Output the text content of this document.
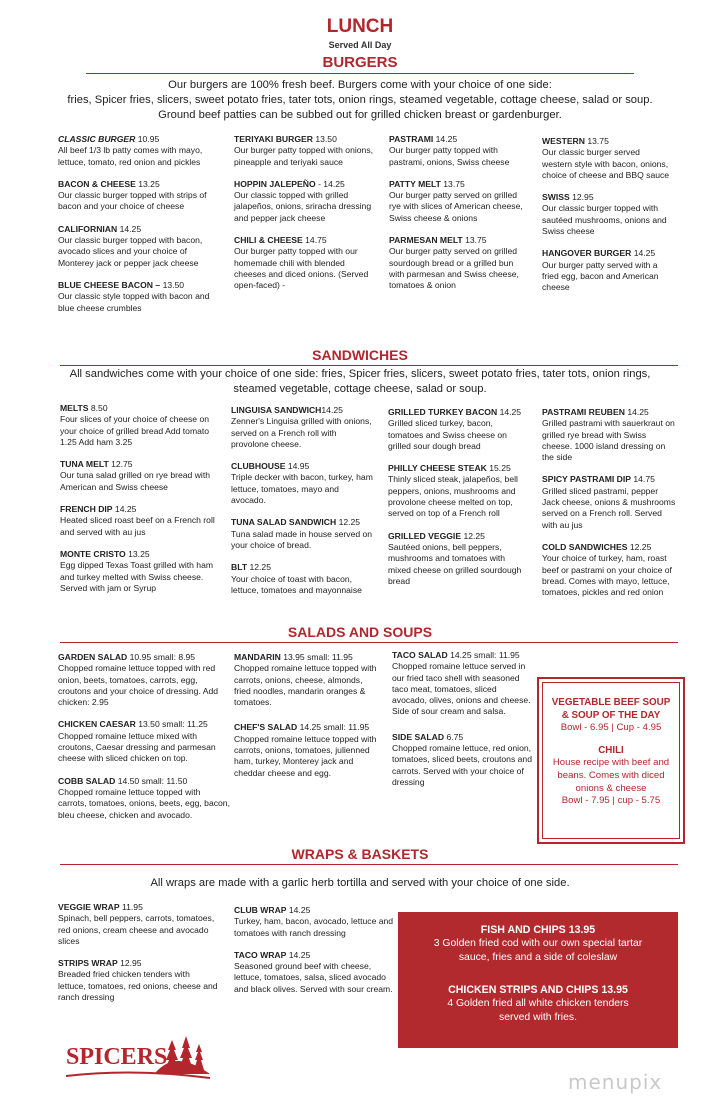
LUNCH
Served All Day
BURGERS
Our burgers are 100% fresh beef. Burgers come with your choice of one side:
fries, Spicer fries, slicers, sweet potato fries, tater tots, onion rings, steamed vegetable, cottage cheese, salad or soup.
Ground beef patties can be subbed out for grilled chicken breast or gardenburger.
CLASSIC BURGER 10.95
All beef 1/3 lb patty comes with mayo, lettuce, tomato, red onion and pickles
BACON & CHEESE 13.25
Our classic burger topped with strips of bacon and your choice of cheese
CALIFORNIAN 14.25
Our classic burger topped with bacon, avocado slices and your choice of Monterey jack or pepper jack cheese
BLUE CHEESE BACON – 13.50
Our classic style topped with bacon and blue cheese crumbles
TERIYAKI BURGER 13.50
Our burger patty topped with onions, pineapple and teriyaki sauce
HOPPIN JALEPEÑO - 14.25
Our classic topped with grilled jalapeños, onions, sriracha dressing and pepper jack cheese
CHILI & CHEESE 14.75
Our burger patty topped with our homemade chili with blended cheeses and diced onions. (Served open-faced) -
PASTRAMI 14.25
Our burger patty topped with pastrami, onions, Swiss cheese
PATTY MELT 13.75
Our burger patty served on grilled rye with slices of American cheese, Swiss cheese & onions
PARMESAN MELT 13.75
Our burger patty served on grilled sourdough bread or a grilled bun with parmesan and Swiss cheese, tomatoes & onion
WESTERN 13.75
Our classic burger served western style with bacon, onions, choice of cheese and BBQ sauce
SWISS 12.95
Our classic burger topped with sautéed mushrooms, onions and Swiss cheese
HANGOVER BURGER 14.25
Our burger patty served with a fried egg, bacon and American cheese
SANDWICHES
All sandwiches come with your choice of one side: fries, Spicer fries, slicers, sweet potato fries, tater tots, onion rings,
steamed vegetable, cottage cheese, salad or soup.
MELTS 8.50
Four slices of your choice of cheese on your choice of grilled bread Add tomato 1.25 Add ham 3.25
TUNA MELT 12.75
Our tuna salad grilled on rye bread with American and Swiss cheese
FRENCH DIP 14.25
Heated sliced roast beef on a French roll and served with au jus
MONTE CRISTO 13.25
Egg dipped Texas Toast grilled with ham and turkey melted with Swiss cheese. Served with jam or Syrup
LINGUISA SANDWICH14.25
Zenner's Linguisa grilled with onions, served on a French roll with provolone cheese.
CLUBHOUSE 14.95
Triple decker with bacon, turkey, ham lettuce, tomatoes, mayo and avocado.
TUNA SALAD SANDWICH 12.25
Tuna salad made in house served on your choice of bread.
BLT 12.25
Your choice of toast with bacon, lettuce, tomatoes and mayonnaise
GRILLED TURKEY BACON 14.25
Grilled sliced turkey, bacon, tomatoes and Swiss cheese on grilled sour dough bread
PHILLY CHEESE STEAK 15.25
Thinly sliced steak, jalapeños, bell peppers, onions, mushrooms and provolone cheese melted on top, served on top of a French roll
GRILLED VEGGIE 12.25
Sautéed onions, bell peppers, mushrooms and tomatoes with mixed cheese on grilled sourdough bread
PASTRAMI REUBEN 14.25
Grilled pastrami with sauerkraut on grilled rye bread with Swiss cheese. 1000 island dressing on the side
SPICY PASTRAMI DIP 14.75
Grilled sliced pastrami, pepper Jack cheese, onions & mushrooms served on a French roll. Served with au jus
COLD SANDWICHES 12.25
Your choice of turkey, ham, roast beef or pastrami on your choice of bread. Comes with mayo, lettuce, tomatoes, pickles and red onion
SALADS AND SOUPS
GARDEN SALAD 10.95 small: 8.95
Chopped romaine lettuce topped with red onion, beets, tomatoes, carrots, egg, croutons and your choice of dressing. Add chicken: 2.95
CHICKEN CAESAR 13.50 small: 11.25
Chopped romaine lettuce mixed with croutons, Caesar dressing and parmesan cheese with sliced chicken on top.
COBB SALAD 14.50 small: 11.50
Chopped romaine lettuce topped with carrots, tomatoes, onions, beets, egg, bacon, bleu cheese, chicken and avocado.
MANDARIN 13.95 small: 11.95
Chopped romaine lettuce topped with carrots, onions, cheese, almonds, fried noodles, mandarin oranges & tomatoes.
CHEF'S SALAD 14.25 small: 11.95
Chopped romaine lettuce topped with carrots, onions, tomatoes, julienned ham, turkey, Monterey jack and cheddar cheese and egg.
TACO SALAD 14.25 small: 11.95
Chopped romaine lettuce served in our fried taco shell with seasoned taco meat, tomatoes, sliced avocado, olives, onions and cheese. Side of sour cream and salsa.
SIDE SALAD 6.75
Chopped romaine lettuce, red onion, tomatoes, sliced beets, croutons and carrots. Served with your choice of dressing
VEGETABLE BEEF SOUP & SOUP OF THE DAY
Bowl - 6.95 | Cup - 4.95
CHILI
House recipe with beef and beans. Comes with diced onions & cheese
Bowl - 7.95 | cup - 5.75
WRAPS & BASKETS
All wraps are made with a garlic herb tortilla and served with your choice of one side.
VEGGIE WRAP 11.95
Spinach, bell peppers, carrots, tomatoes, red onions, cream cheese and avocado slices
STRIPS WRAP 12.95
Breaded fried chicken tenders with lettuce, tomatoes, red onions, cheese and ranch dressing
CLUB WRAP 14.25
Turkey, ham, bacon, avocado, lettuce and tomatoes with ranch dressing
TACO WRAP 14.25
Seasoned ground beef with cheese, lettuce, tomatoes, salsa, sliced avocado and black olives. Served with sour cream.
FISH AND CHIPS 13.95
3 Golden fried cod with our own special tartar sauce, fries and a side of coleslaw
CHICKEN STRIPS AND CHIPS 13.95
4 Golden fried all white chicken tenders served with fries.
SPICERS
menupix
